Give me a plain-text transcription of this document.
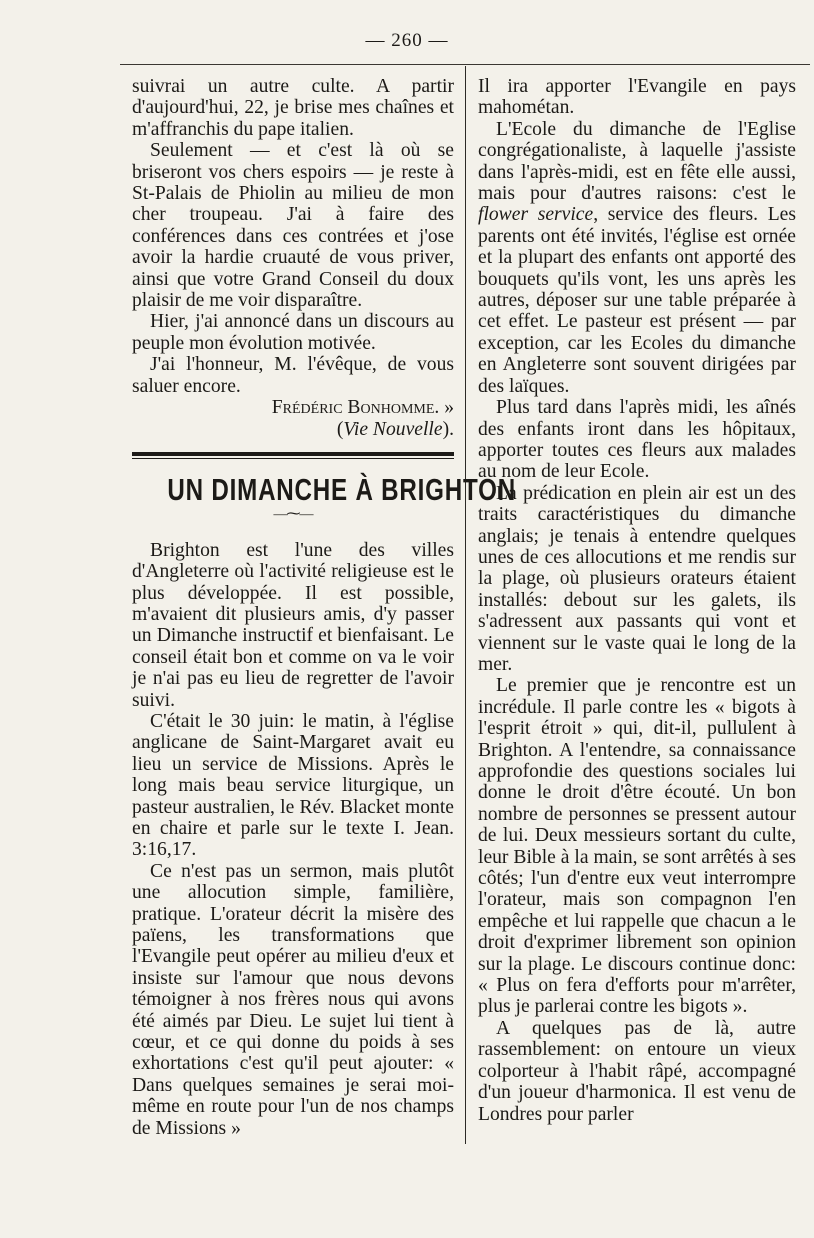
— 260 —

suivrai un autre culte. A partir d'aujourd'hui, 22, je brise mes chaînes et m'affranchis du pape italien.

Seulement — et c'est là où se briseront vos chers espoirs — je reste à St-Palais de Phiolin au milieu de mon cher troupeau. J'ai à faire des conférences dans ces contrées et j'ose avoir la hardie cruauté de vous priver, ainsi que votre Grand Conseil du doux plaisir de me voir disparaître.

Hier, j'ai annoncé dans un discours au peuple mon évolution motivée.

J'ai l'honneur, M. l'évêque, de vous saluer encore.

Frédéric Bonhomme. »

(Vie Nouvelle).

UN DIMANCHE À BRIGHTON
—⁓—

Brighton est l'une des villes d'Angleterre où l'activité religieuse est le plus développée. Il est possible, m'avaient dit plusieurs amis, d'y passer un Dimanche instructif et bienfaisant. Le conseil était bon et comme on va le voir je n'ai pas eu lieu de regretter de l'avoir suivi.

C'était le 30 juin: le matin, à l'église anglicane de Saint-Margaret avait eu lieu un service de Missions. Après le long mais beau service liturgique, un pasteur australien, le Rév. Blacket monte en chaire et parle sur le texte I. Jean. 3:16,17.

Ce n'est pas un sermon, mais plutôt une allocution simple, familière, pratique. L'orateur décrit la misère des païens, les transformations que l'Evangile peut opérer au milieu d'eux et insiste sur l'amour que nous devons témoigner à nos frères nous qui avons été aimés par Dieu. Le sujet lui tient à cœur, et ce qui donne du poids à ses exhortations c'est qu'il peut ajouter: « Dans quelques semaines je serai moi-même en route pour l'un de nos champs de Missions »

Il ira apporter l'Evangile en pays mahométan.

L'Ecole du dimanche de l'Eglise congrégationaliste, à laquelle j'assiste dans l'après-midi, est en fête elle aussi, mais pour d'autres raisons: c'est le flower service, service des fleurs. Les parents ont été invités, l'église est ornée et la plupart des enfants ont apporté des bouquets qu'ils vont, les uns après les autres, déposer sur une table préparée à cet effet. Le pasteur est présent — par exception, car les Ecoles du dimanche en Angleterre sont souvent dirigées par des laïques.

Plus tard dans l'après midi, les aînés des enfants iront dans les hôpitaux, apporter toutes ces fleurs aux malades au nom de leur Ecole.

La prédication en plein air est un des traits caractéristiques du dimanche anglais; je tenais à entendre quelques unes de ces allocutions et me rendis sur la plage, où plusieurs orateurs étaient installés: debout sur les galets, ils s'adressent aux passants qui vont et viennent sur le vaste quai le long de la mer.

Le premier que je rencontre est un incrédule. Il parle contre les « bigots à l'esprit étroit » qui, dit-il, pullulent à Brighton. A l'entendre, sa connaissance approfondie des questions sociales lui donne le droit d'être écouté. Un bon nombre de personnes se pressent autour de lui. Deux messieurs sortant du culte, leur Bible à la main, se sont arrêtés à ses côtés; l'un d'entre eux veut interrompre l'orateur, mais son compagnon l'en empêche et lui rappelle que chacun a le droit d'exprimer librement son opinion sur la plage. Le discours continue donc: « Plus on fera d'efforts pour m'arrêter, plus je parlerai contre les bigots ».

A quelques pas de là, autre rassemblement: on entoure un vieux colporteur à l'habit râpé, accompagné d'un joueur d'harmonica. Il est venu de Londres pour parler
